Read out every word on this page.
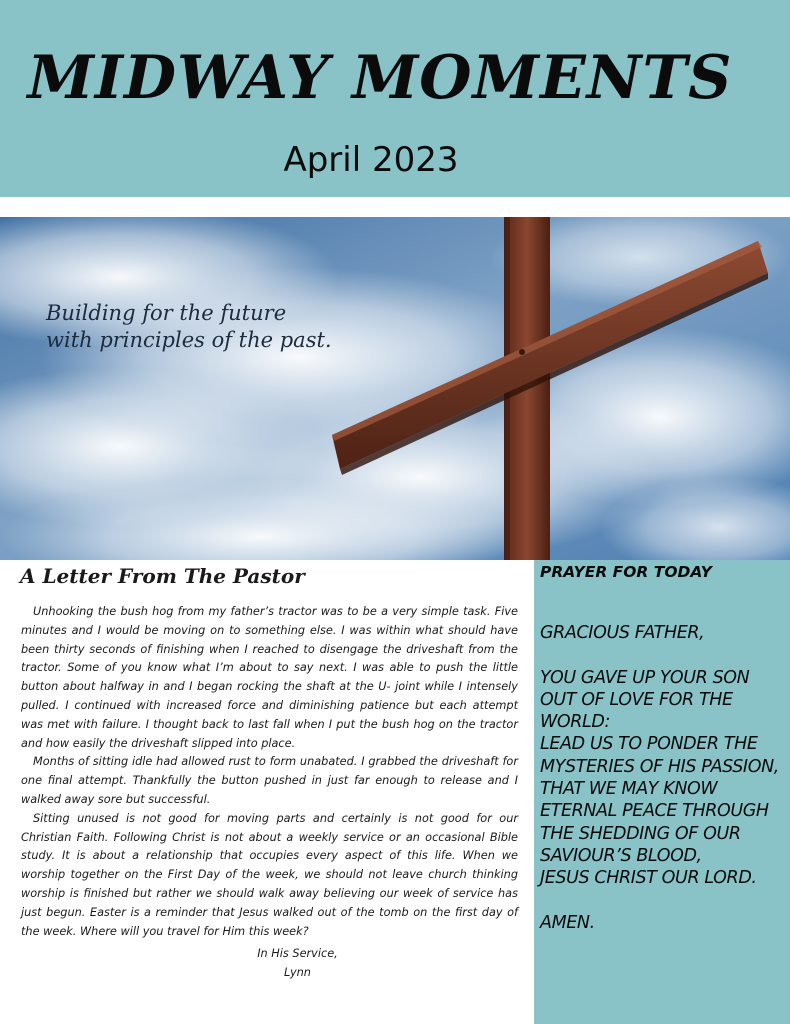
MIDWAY MOMENTS
April 2023

Building for the future
with principles of the past.

A Letter From The Pastor

Unhooking the bush hog from my father’s tractor was to be a very simple task. Five minutes and I would be moving on to something else. I was within what should have been thirty seconds of finishing when I reached to disengage the driveshaft from the tractor. Some of you know what I’m about to say next. I was able to push the little button about halfway in and I began rocking the shaft at the U- joint while I intensely pulled. I continued with increased force and diminishing patience but each attempt was met with failure. I thought back to last fall when I put the bush hog on the tractor and how easily the driveshaft slipped into place.

Months of sitting idle had allowed rust to form unabated. I grabbed the driveshaft for one final attempt. Thankfully the button pushed in just far enough to release and I walked away sore but successful.

Sitting unused is not good for moving parts and certainly is not good for our Christian Faith. Following Christ is not about a weekly service or an occasional Bible study. It is about a relationship that occupies every aspect of this life. When we worship together on the First Day of the week, we should not leave church thinking worship is finished but rather we should walk away believing our week of service has just begun. Easter is a reminder that Jesus walked out of the tomb on the first day of the week. Where will you travel for Him this week?

In His Service,
Lynn
PRAYER FOR TODAY

GRACIOUS FATHER,

YOU GAVE UP YOUR SON OUT OF LOVE FOR THE WORLD:
LEAD US TO PONDER THE MYSTERIES OF HIS PASSION,
THAT WE MAY KNOW ETERNAL PEACE THROUGH THE SHEDDING OF OUR SAVIOUR’S BLOOD,
JESUS CHRIST OUR LORD.

AMEN.
